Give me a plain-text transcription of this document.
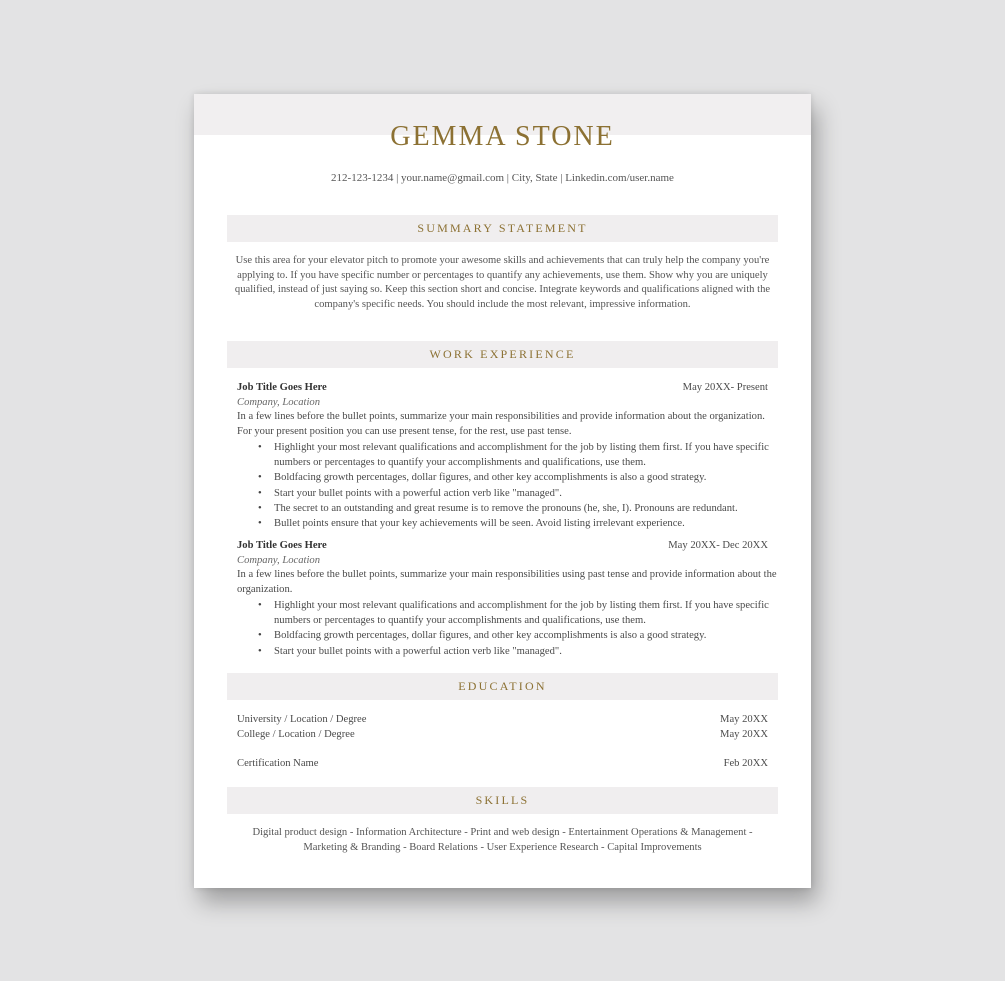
GEMMA STONE
212-123-1234 | your.name@gmail.com | City, State | Linkedin.com/user.name
SUMMARY STATEMENT
Use this area for your elevator pitch to promote your awesome skills and achievements that can truly help the company you're applying to. If you have specific number or percentages to quantify any achievements, use them. Show why you are uniquely qualified, instead of just saying so. Keep this section short and concise. Integrate keywords and qualifications aligned with the company's specific needs. You should include the most relevant, impressive information.
WORK EXPERIENCE
Job Title Goes Here	May 20XX- Present
Company, Location
In a few lines before the bullet points, summarize your main responsibilities and provide information about the organization. For your present position you can use present tense, for the rest, use past tense.
• Highlight your most relevant qualifications and accomplishment for the job by listing them first. If you have specific numbers or percentages to quantify your accomplishments and qualifications, use them.
• Boldfacing growth percentages, dollar figures, and other key accomplishments is also a good strategy.
• Start your bullet points with a powerful action verb like "managed".
• The secret to an outstanding and great resume is to remove the pronouns (he, she, I). Pronouns are redundant.
• Bullet points ensure that your key achievements will be seen. Avoid listing irrelevant experience.
Job Title Goes Here	May 20XX- Dec 20XX
Company, Location
In a few lines before the bullet points, summarize your main responsibilities using past tense and provide information about the organization.
• Highlight your most relevant qualifications and accomplishment for the job by listing them first. If you have specific numbers or percentages to quantify your accomplishments and qualifications, use them.
• Boldfacing growth percentages, dollar figures, and other key accomplishments is also a good strategy.
• Start your bullet points with a powerful action verb like "managed".
EDUCATION
University / Location / Degree	May 20XX
College / Location / Degree	May 20XX
Certification Name	Feb 20XX
SKILLS
Digital product design - Information Architecture - Print and web design - Entertainment Operations & Management - Marketing & Branding - Board Relations - User Experience Research - Capital Improvements
